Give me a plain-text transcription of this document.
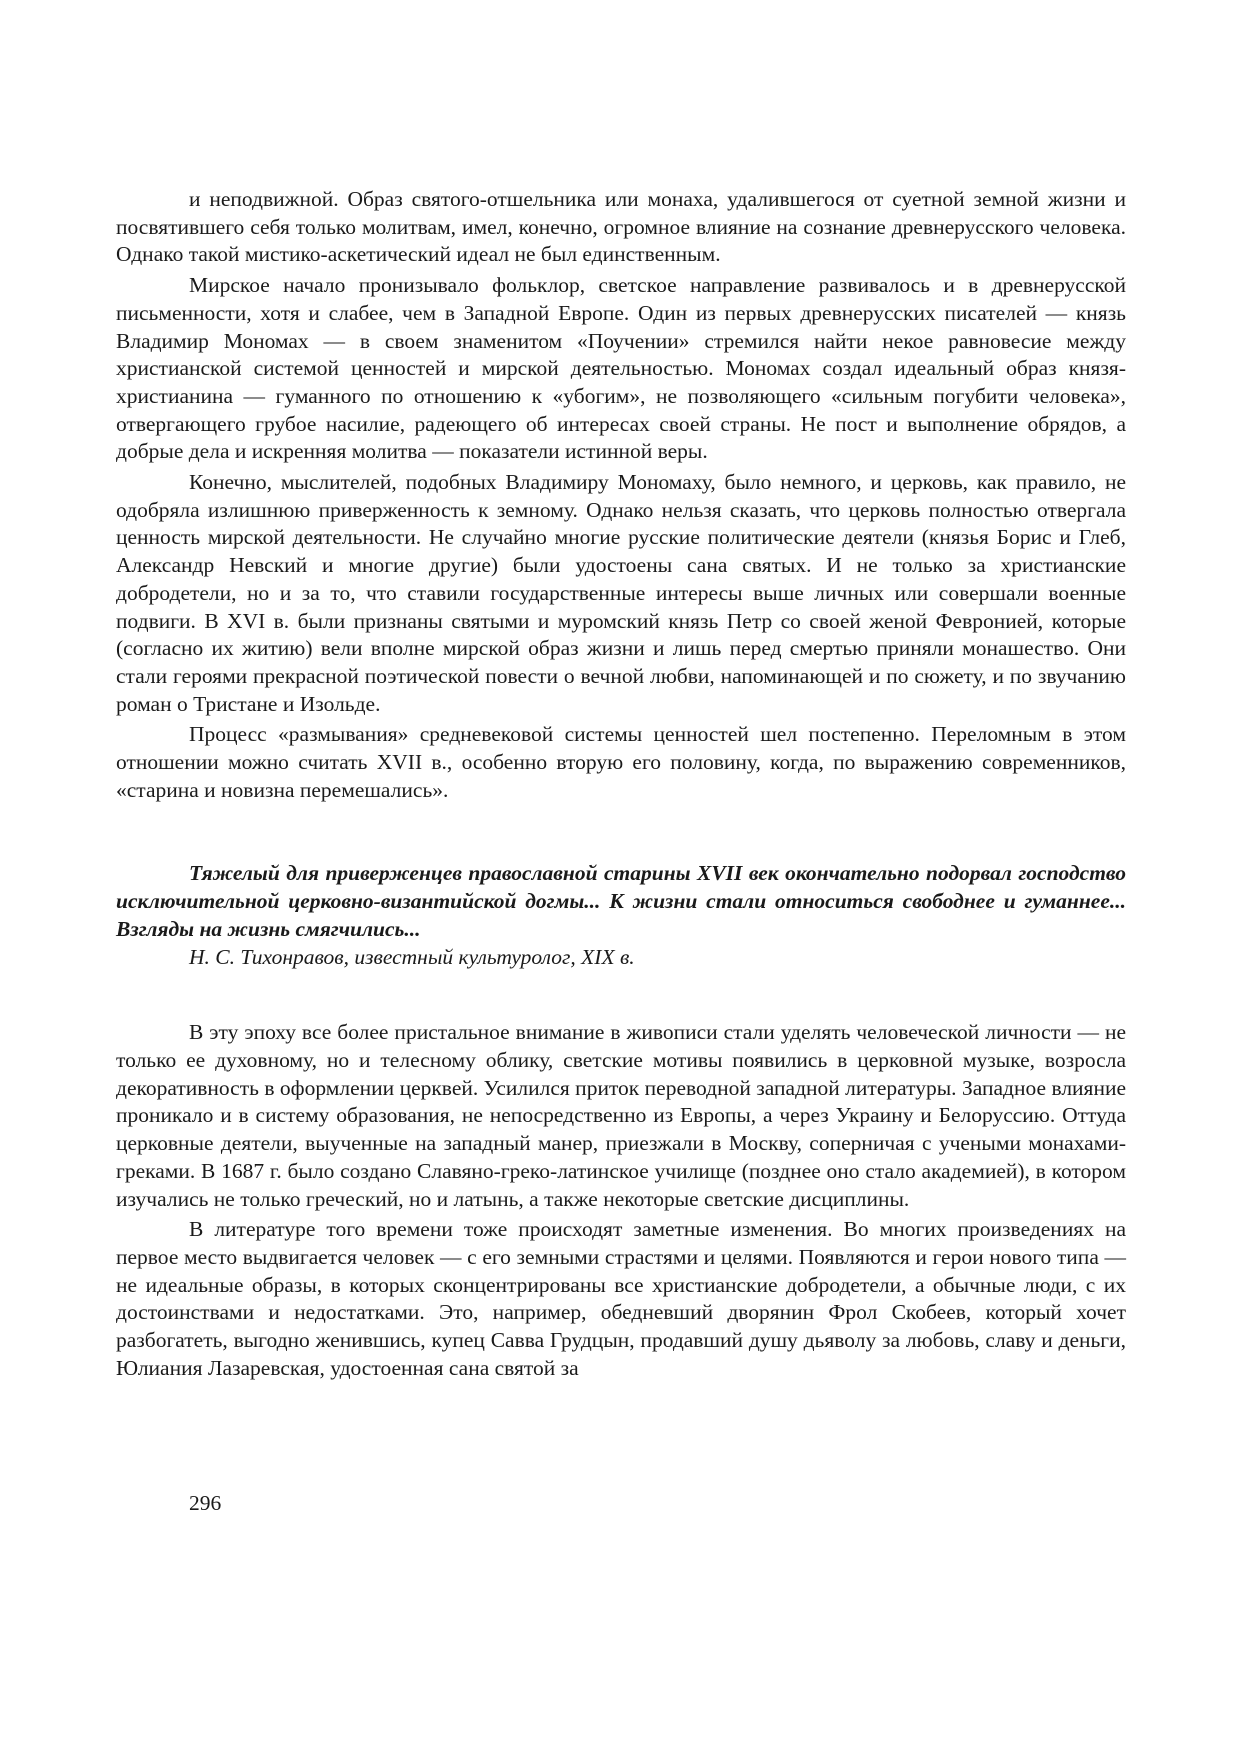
и неподвижной. Образ святого-отшельника или монаха, удалившегося от суетной земной жизни и посвятившего себя только молитвам, имел, конечно, огромное влияние на сознание древнерусского человека. Однако такой мистико-аскетический идеал не был единственным.

Мирское начало пронизывало фольклор, светское направление развивалось и в древнерусской письменности, хотя и слабее, чем в Западной Европе. Один из первых древнерусских писателей — князь Владимир Мономах — в своем знаменитом «Поучении» стремился найти некое равновесие между христианской системой ценностей и мирской деятельностью. Мономах создал идеальный образ князя-христианина — гуманного по отношению к «убогим», не позволяющего «сильным погубити человека», отвергающего грубое насилие, радеющего об интересах своей страны. Не пост и выполнение обрядов, а добрые дела и искренняя молитва — показатели истинной веры.

Конечно, мыслителей, подобных Владимиру Мономаху, было немного, и церковь, как правило, не одобряла излишнюю приверженность к земному. Однако нельзя сказать, что церковь полностью отвергала ценность мирской деятельности. Не случайно многие русские политические деятели (князья Борис и Глеб, Александр Невский и многие другие) были удостоены сана святых. И не только за христианские добродетели, но и за то, что ставили государственные интересы выше личных или совершали военные подвиги. В XVI в. были признаны святыми и муромский князь Петр со своей женой Февронией, которые (согласно их житию) вели вполне мирской образ жизни и лишь перед смертью приняли монашество. Они стали героями прекрасной поэтической повести о вечной любви, напоминающей и по сюжету, и по звучанию роман о Тристане и Изольде.

Процесс «размывания» средневековой системы ценностей шел постепенно. Переломным в этом отношении можно считать XVII в., особенно вторую его половину, когда, по выражению современников, «старина и новизна перемешались».

Тяжелый для приверженцев православной старины XVII век окончательно подорвал господство исключительной церковно-византийской догмы... К жизни стали относиться свободнее и гуманнее... Взгляды на жизнь смягчились...

Н. С. Тихонравов, известный культуролог, XIX в.

В эту эпоху все более пристальное внимание в живописи стали уделять человеческой личности — не только ее духовному, но и телесному облику, светские мотивы появились в церковной музыке, возросла декоративность в оформлении церквей. Усилился приток переводной западной литературы. Западное влияние проникало и в систему образования, не непосредственно из Европы, а через Украину и Белоруссию. Оттуда церковные деятели, выученные на западный манер, приезжали в Москву, соперничая с учеными монахами-греками. В 1687 г. было создано Славяно-греко-латинское училище (позднее оно стало академией), в котором изучались не только греческий, но и латынь, а также некоторые светские дисциплины.

В литературе того времени тоже происходят заметные изменения. Во многих произведениях на первое место выдвигается человек — с его земными страстями и целями. Появляются и герои нового типа — не идеальные образы, в которых сконцентрированы все христианские добродетели, а обычные люди, с их достоинствами и недостатками. Это, например, обедневший дворянин Фрол Скобеев, который хочет разбогатеть, выгодно женившись, купец Савва Грудцын, продавший душу дьяволу за любовь, славу и деньги, Юлиания Лазаревская, удостоенная сана святой за

296
